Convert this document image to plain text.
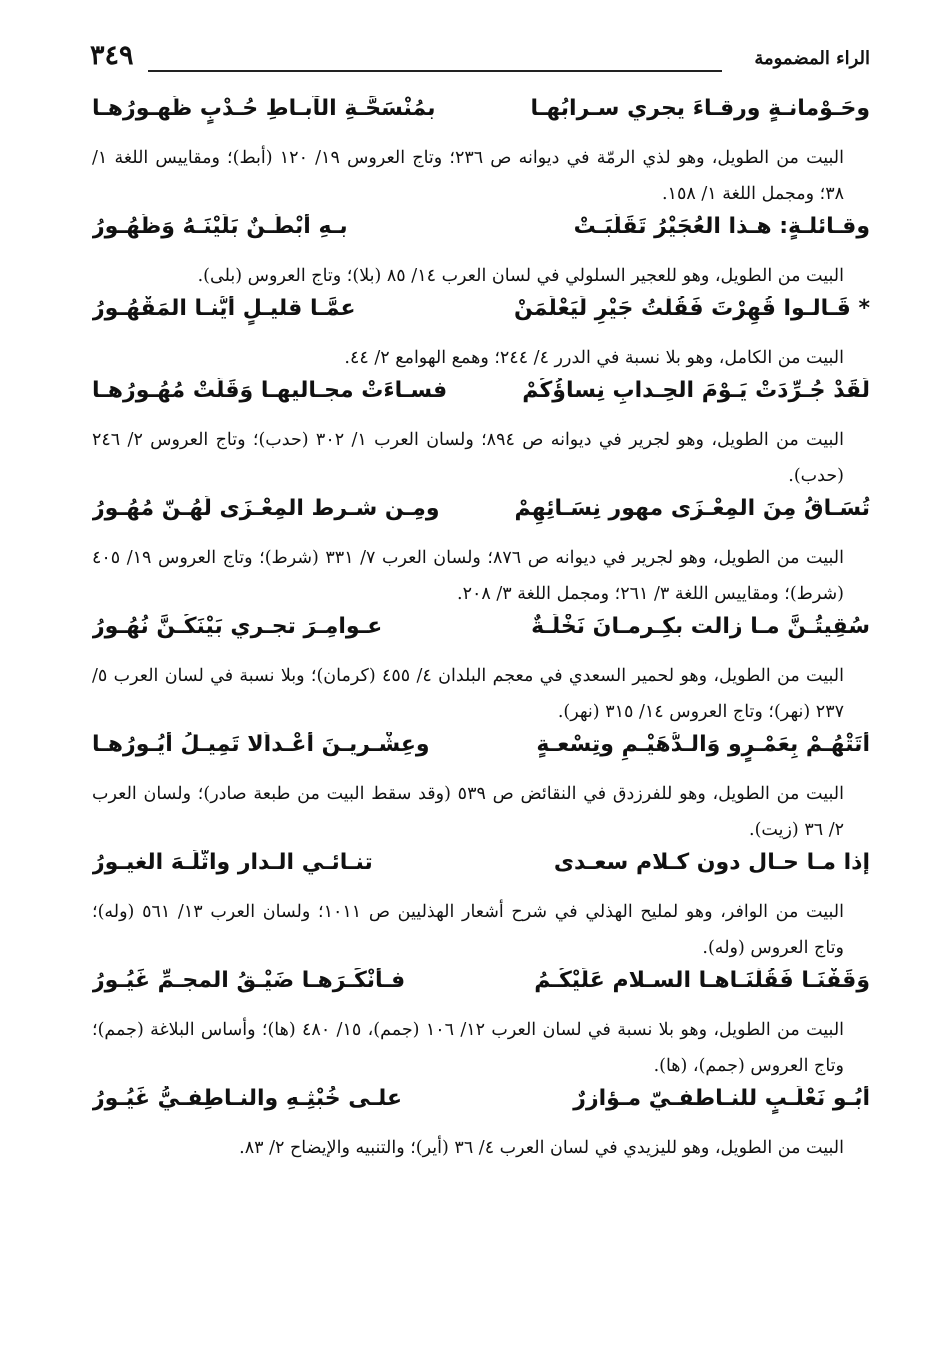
٣٤٩	الراء المضمومة
وحَـوْمانـةٍ ورقـاءَ يجري سـرابُهـا
بمُنْسَحَّـةِ الآبـاطِ حُـدْبٍ ظُهـورُهـا
البيت من الطويل، وهو لذي الرمّة في ديوانه ص ٢٣٦؛ وتاج العروس ١٩/ ١٢٠ (أبط)؛ ومقاييس اللغة ١/ ٣٨؛ ومجمل اللغة ١/ ١٥٨.
وقـائلـةٍ: هـذا العُجَيْرُ تَقَلَّبَـتْ
بـهِ أبْطُـنٌ بَلَيْنَـهُ وَظُهُـورُ
البيت من الطويل، وهو للعجير السلولي في لسان العرب ١٤/ ٨٥ (بلا)؛ وتاج العروس (بلى).
* قَـالـوا قُهِرْتَ فَقُلْتُ جَيْرِ لَيَعْلَمَنْ
عمَّـا قليـلٍ أيُّنـا المَقْهُـورُ
البيت من الكامل، وهو بلا نسبة في الدرر ٤/ ٢٤٤؛ وهمع الهوامع ٢/ ٤٤.
لَقَدْ جُـرِّدَتْ يَـوْمَ الحِـدابِ نِساؤُكُمْ
فسـاءَتْ مجـاليهـا وَقَلَّتْ مُهُـورُهـا
البيت من الطويل، وهو لجرير في ديوانه ص ٨٩٤؛ ولسان العرب ١/ ٣٠٢ (حدب)؛ وتاج العروس ٢/ ٢٤٦ (حدب).
تُسَـاقُ مِنَ المِعْـزَى مهور نِسَـائِهِمْ
ومِـن شـرط المِعْـزَى لَهُـنّ مُهُـورُ
البيت من الطويل، وهو لجرير في ديوانه ص ٨٧٦؛ ولسان العرب ٧/ ٣٣١ (شرط)؛ وتاج العروس ١٩/ ٤٠٥ (شرط)؛ ومقاييس اللغة ٣/ ٢٦١؛ ومجمل اللغة ٣/ ٢٠٨.
سُقِيتُـنَّ مـا زالت بكِـرمـانَ نَخْلَـةٌ
عـوامِـرَ تجـري بَيْنَكُـنَّ نُهُـورُ
البيت من الطويل، وهو لحمير السعدي في معجم البلدان ٤/ ٤٥٥ (كرمان)؛ وبلا نسبة في لسان العرب ٥/ ٢٣٧ (نهر)؛ وتاج العروس ١٤/ ٣١٥ (نهر).
أَتَتْهُـمْ بِعَمْـرٍو وَالـدُّهَيْـمِ وتِسْعـةٍ
وعِشْـريـنَ أعْـداًلا تَمِيـلُ أُيُـورُهـا
البيت من الطويل، وهو للفرزدق في النقائض ص ٥٣٩ (وقد سقط البيت من طبعة صادر)؛ ولسان العرب ٢/ ٣٦ (زيت).
إذا مـا حـال دون كـلام سعـدى
تنـائـي الـدار واثَّلَـهَ الغيـورُ
البيت من الوافر، وهو لمليح الهذلي في شرح أشعار الهذليين ص ١٠١١؛ ولسان العرب ١٣/ ٥٦١ (وله)؛ وتاج العروس (وله).
وَقَفْنَـا فَقُلْنَـاهـا السـلام عَلَيْكُـمُ
فـأنْكَـرَهـا ضَيْـقُ المجـمِّ غَيُـورُ
البيت من الطويل، وهو بلا نسبة في لسان العرب ١٢/ ١٠٦ (جمم)، ١٥/ ٤٨٠ (ها)؛ وأساس البلاغة (جمم)؛ وتاج العروس (جمم)، (ها).
أبُـو نَعْلَـبٍ للنـاطفـيّ مـؤازرٌ
علـى خُبْثِـهِ والنـاطِفـيُّ غَيُـورُ
البيت من الطويل، وهو لليزيدي في لسان العرب ٤/ ٣٦ (أير)؛ والتنبيه والإيضاح ٢/ ٨٣.
